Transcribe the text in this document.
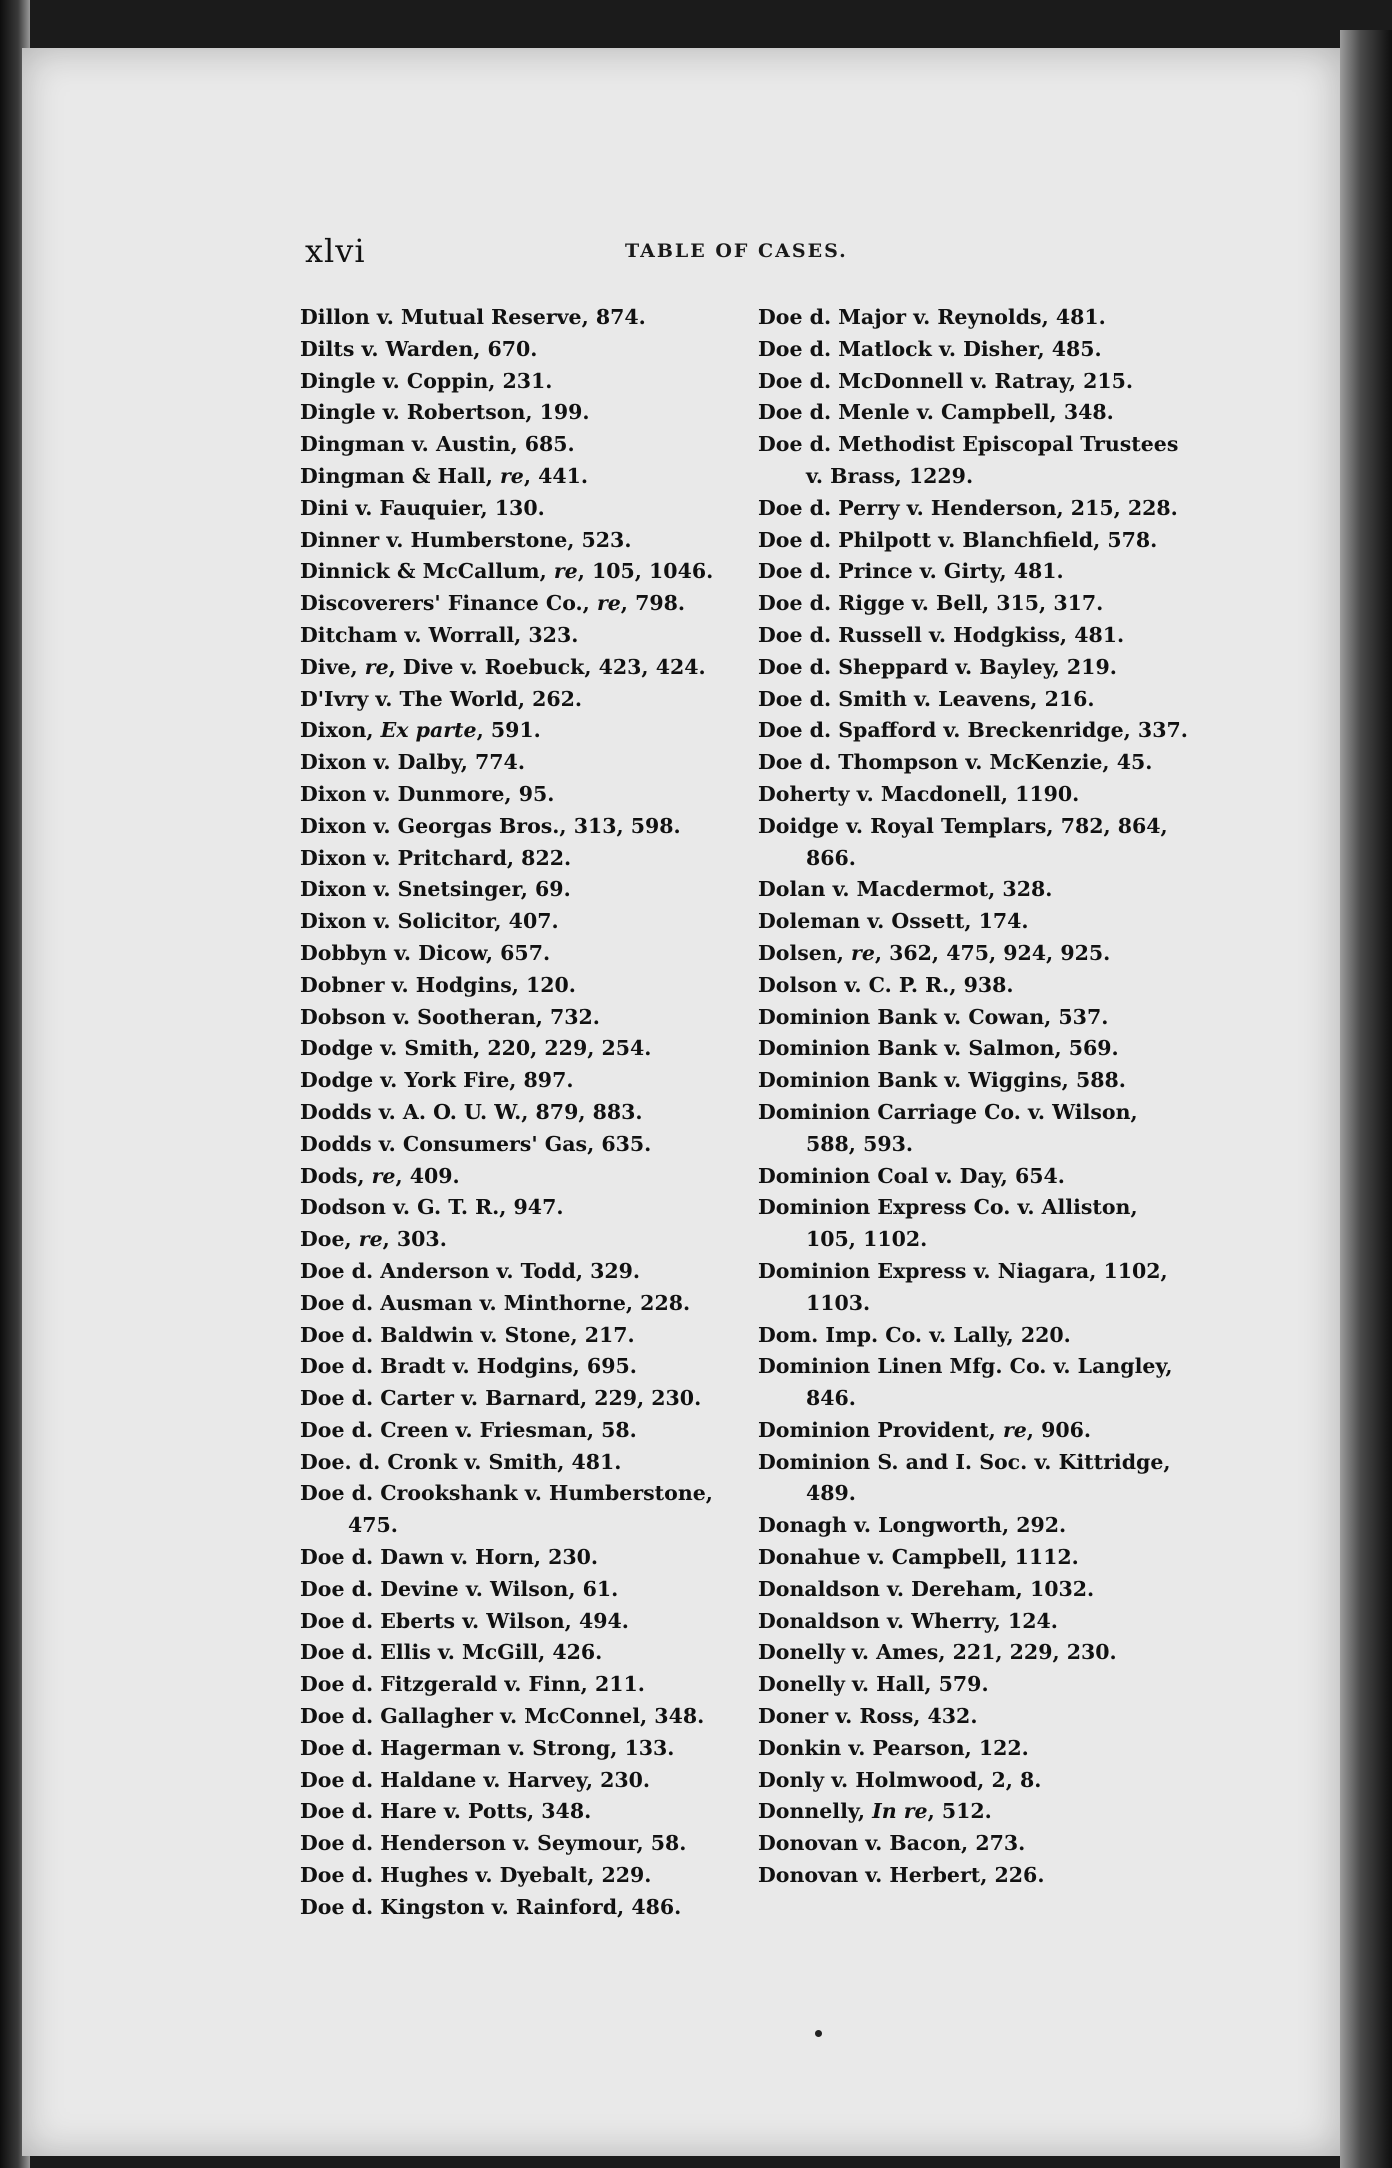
xlvi	TABLE OF CASES.
Dillon v. Mutual Reserve, 874.
Dilts v. Warden, 670.
Dingle v. Coppin, 231.
Dingle v. Robertson, 199.
Dingman v. Austin, 685.
Dingman & Hall, re, 441.
Dini v. Fauquier, 130.
Dinner v. Humberstone, 523.
Dinnick & McCallum, re, 105, 1046.
Discoverers' Finance Co., re, 798.
Ditcham v. Worrall, 323.
Dive, re, Dive v. Roebuck, 423, 424.
D'Ivry v. The World, 262.
Dixon, Ex parte, 591.
Dixon v. Dalby, 774.
Dixon v. Dunmore, 95.
Dixon v. Georgas Bros., 313, 598.
Dixon v. Pritchard, 822.
Dixon v. Snetsinger, 69.
Dixon v. Solicitor, 407.
Dobbyn v. Dicow, 657.
Dobner v. Hodgins, 120.
Dobson v. Sootheran, 732.
Dodge v. Smith, 220, 229, 254.
Dodge v. York Fire, 897.
Dodds v. A. O. U. W., 879, 883.
Dodds v. Consumers' Gas, 635.
Dods, re, 409.
Dodson v. G. T. R., 947.
Doe, re, 303.
Doe d. Anderson v. Todd, 329.
Doe d. Ausman v. Minthorne, 228.
Doe d. Baldwin v. Stone, 217.
Doe d. Bradt v. Hodgins, 695.
Doe d. Carter v. Barnard, 229, 230.
Doe d. Creen v. Friesman, 58.
Doe. d. Cronk v. Smith, 481.
Doe d. Crookshank v. Humberstone, 475.
Doe d. Dawn v. Horn, 230.
Doe d. Devine v. Wilson, 61.
Doe d. Eberts v. Wilson, 494.
Doe d. Ellis v. McGill, 426.
Doe d. Fitzgerald v. Finn, 211.
Doe d. Gallagher v. McConnel, 348.
Doe d. Hagerman v. Strong, 133.
Doe d. Haldane v. Harvey, 230.
Doe d. Hare v. Potts, 348.
Doe d. Henderson v. Seymour, 58.
Doe d. Hughes v. Dyebalt, 229.
Doe d. Kingston v. Rainford, 486.
Doe d. Major v. Reynolds, 481.
Doe d. Matlock v. Disher, 485.
Doe d. McDonnell v. Ratray, 215.
Doe d. Menle v. Campbell, 348.
Doe d. Methodist Episcopal Trustees v. Brass, 1229.
Doe d. Perry v. Henderson, 215, 228.
Doe d. Philpott v. Blanchfield, 578.
Doe d. Prince v. Girty, 481.
Doe d. Rigge v. Bell, 315, 317.
Doe d. Russell v. Hodgkiss, 481.
Doe d. Sheppard v. Bayley, 219.
Doe d. Smith v. Leavens, 216.
Doe d. Spafford v. Breckenridge, 337.
Doe d. Thompson v. McKenzie, 45.
Doherty v. Macdonell, 1190.
Doidge v. Royal Templars, 782, 864, 866.
Dolan v. Macdermot, 328.
Doleman v. Ossett, 174.
Dolsen, re, 362, 475, 924, 925.
Dolson v. C. P. R., 938.
Dominion Bank v. Cowan, 537.
Dominion Bank v. Salmon, 569.
Dominion Bank v. Wiggins, 588.
Dominion Carriage Co. v. Wilson, 588, 593.
Dominion Coal v. Day, 654.
Dominion Express Co. v. Alliston, 105, 1102.
Dominion Express v. Niagara, 1102, 1103.
Dom. Imp. Co. v. Lally, 220.
Dominion Linen Mfg. Co. v. Langley, 846.
Dominion Provident, re, 906.
Dominion S. and I. Soc. v. Kittridge, 489.
Donagh v. Longworth, 292.
Donahue v. Campbell, 1112.
Donaldson v. Dereham, 1032.
Donaldson v. Wherry, 124.
Donelly v. Ames, 221, 229, 230.
Donelly v. Hall, 579.
Doner v. Ross, 432.
Donkin v. Pearson, 122.
Donly v. Holmwood, 2, 8.
Donnelly, In re, 512.
Donovan v. Bacon, 273.
Donovan v. Herbert, 226.
